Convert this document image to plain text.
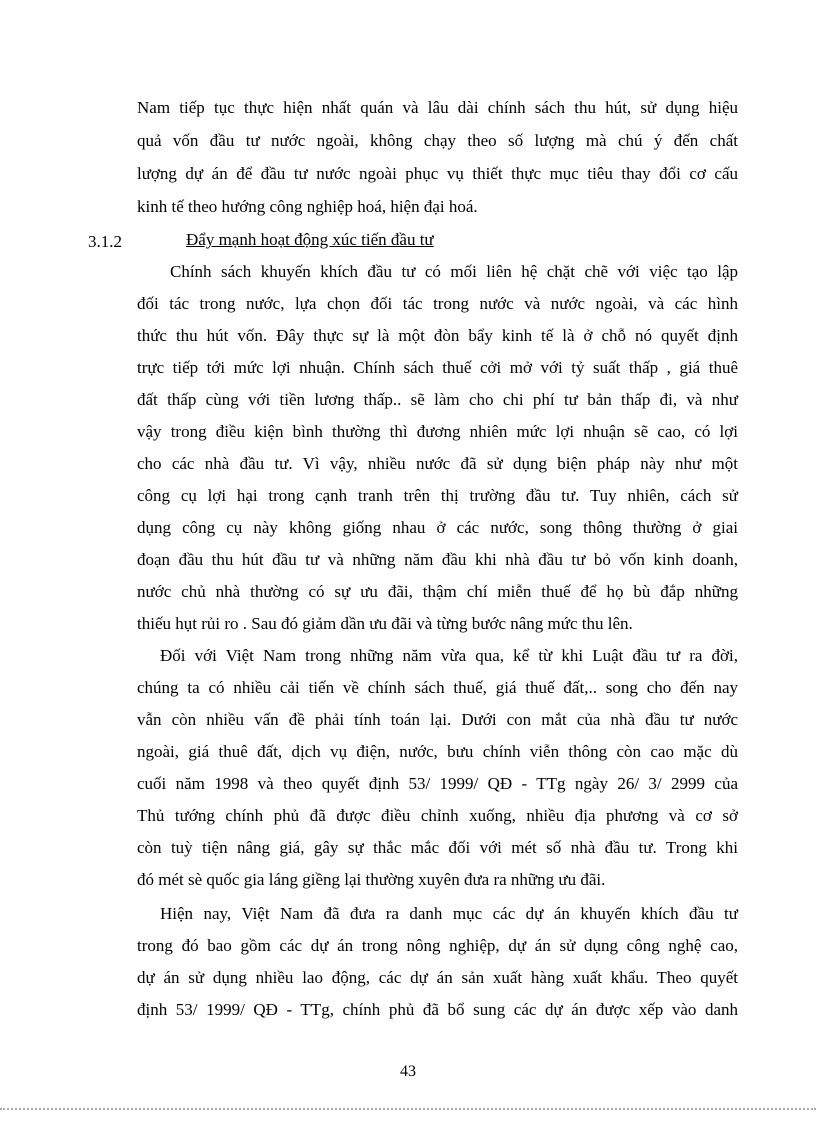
Nam tiếp tục thực hiện nhất quán và lâu dài chính sách thu hút, sử dụng hiệu
quả vốn đầu tư nước ngoài, không chạy theo số lượng mà chú ý đến chất
lượng dự án để đầu tư nước ngoài phục vụ thiết thực mục tiêu thay đổi cơ cấu
kinh tế theo hướng công nghiệp hoá, hiện đại hoá.
3.1.2	Đẩy mạnh hoạt động xúc tiến đầu tư
Chính sách khuyến khích đầu tư có mối liên hệ chặt chẽ với việc tạo lập
đối tác trong nước, lựa chọn đối tác trong nước và nước ngoài, và các hình
thức thu hút vốn. Đây thực sự là một đòn bẩy kinh tế là ở chỗ nó quyết định
trực tiếp tới mức lợi nhuận. Chính sách thuế cởi mở với tỷ suất thấp , giá thuê
đất thấp cùng với tiền lương thấp.. sẽ làm cho chi phí tư bản thấp đi, và như
vậy trong điều kiện bình thường thì đương nhiên mức lợi nhuận sẽ cao, có lợi
cho các nhà đầu tư. Vì vậy, nhiều nước đã sử dụng biện pháp này như một
công cụ lợi hại trong cạnh tranh trên thị trường đầu tư. Tuy nhiên, cách sử
dụng công cụ này không giống nhau ở các nước, song thông thường ở giai
đoạn đầu thu hút đầu tư và những năm đầu khi nhà đầu tư bỏ vốn kinh doanh,
nước chủ nhà thường có sự ưu đãi, thậm chí miễn thuế để họ bù đắp những
thiếu hụt rủi ro . Sau đó giảm dần ưu đãi và từng bước nâng mức thu lên.
Đối với Việt Nam trong những năm vừa qua, kể từ khi Luật đầu tư ra đời,
chúng ta có nhiều cải tiến về chính sách thuế, giá thuế đất,.. song cho đến nay
vẫn còn nhiều vấn đề phải tính toán lại. Dưới con mắt của nhà đầu tư nước
ngoài, giá thuê đất, dịch vụ điện, nước, bưu chính viễn thông còn cao mặc dù
cuối năm 1998 và theo quyết định 53/ 1999/ QĐ - TTg ngày 26/ 3/ 2999 của
Thủ tướng chính phủ đã được điều chỉnh xuống, nhiều địa phương và cơ sở
còn tuỳ tiện nâng giá, gây sự thắc mắc đối với mét số nhà đầu tư. Trong khi
đó mét sè quốc gia láng giềng lại thường xuyên đưa ra những ưu đãi.
Hiện nay, Việt Nam đã đưa ra danh mục các dự án khuyến khích đầu tư
trong đó bao gồm các dự án trong nông nghiệp, dự án sử dụng công nghệ cao,
dự án sử dụng nhiều lao động, các dự án sản xuất hàng xuất khẩu. Theo quyết
định 53/ 1999/ QĐ - TTg, chính phủ đã bổ sung các dự án được xếp vào danh
43
